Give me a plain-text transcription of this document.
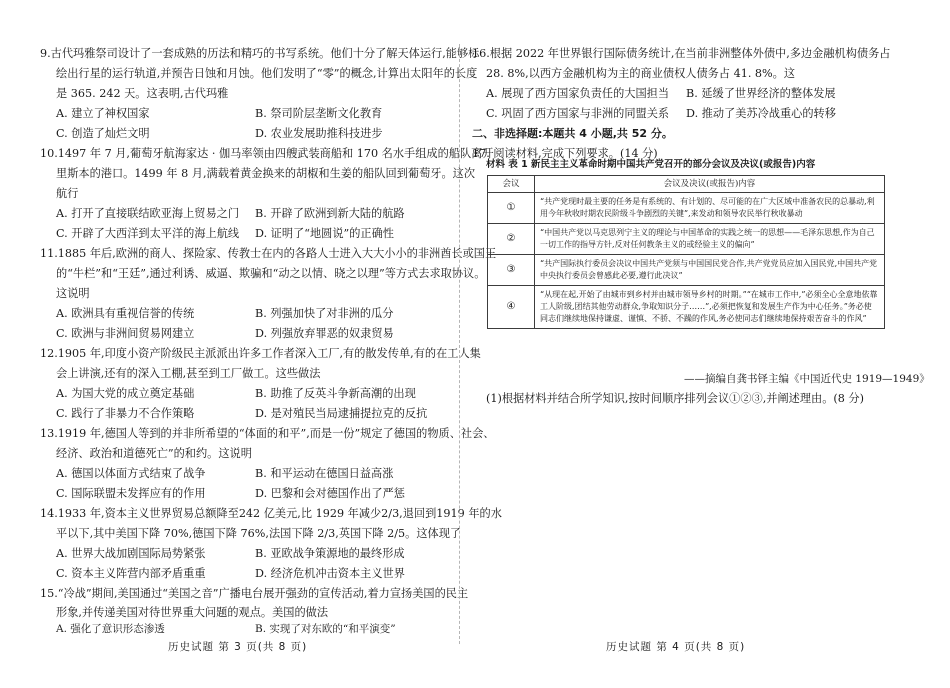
9.古代玛雅祭司设计了一套成熟的历法和精巧的书写系统。他们十分了解天体运行,能够标
绘出行星的运行轨道,并预告日蚀和月蚀。他们发明了“零”的概念,计算出太阳年的长度
是 365. 242 天。这表明,古代玛雅
A. 建立了神权国家	B. 祭司阶层垄断文化教育
C. 创造了灿烂文明	D. 农业发展助推科技进步
10.1497 年 7 月,葡萄牙航海家达 · 伽马率领由四艘武装商船和 170 名水手组成的船队离开
里斯本的港口。1499 年 8 月,满载着黄金换来的胡椒和生姜的船队回到葡萄牙。这次
航行
A. 打开了直接联结欧亚海上贸易之门 B. 开辟了欧洲到新大陆的航路
C. 开辟了大西洋到太平洋的海上航线 D. 证明了“地圆说”的正确性
11.1885 年后,欧洲的商人、探险家、传教士在内的各路人士进入大大小小的非洲酋长或国王
的“牛栏”和“王廷”,通过利诱、威逼、欺骗和“动之以情、晓之以理”等方式去求取协议。
这说明
A. 欧洲具有重视信誉的传统	B. 列强加快了对非洲的瓜分
C. 欧洲与非洲间贸易网建立	D. 列强放弃罪恶的奴隶贸易
12.1905 年,印度小资产阶级民主派派出许多工作者深入工厂,有的散发传单,有的在工人集
会上讲演,还有的深入工棚,甚至到工厂做工。这些做法
A. 为国大党的成立奠定基础	B. 助推了反英斗争新高潮的出现
C. 践行了非暴力不合作策略	D. 是对殖民当局逮捕提拉克的反抗
13.1919 年,德国人等到的并非所希望的“体面的和平”,而是一份”规定了德国的物质、社会、
经济、政治和道德死亡”的和约。这说明
A. 德国以体面方式结束了战争	B. 和平运动在德国日益高涨
C. 国际联盟未发挥应有的作用	D. 巴黎和会对德国作出了严惩
14.1933 年,资本主义世界贸易总额降至242 亿美元,比 1929 年减少2/3,退回到1919 年的水
平以下,其中美国下降 70%,德国下降 76%,法国下降 2/3,英国下降 2/5。这体现了
A. 世界大战加剧国际局势紧张	B. 亚欧战争策源地的最终形成
C. 资本主义阵营内部矛盾重重	D. 经济危机冲击资本主义世界
15.“冷战”期间,美国通过“美国之音”广播电台展开强劲的宣传活动,着力宣扬美国的民主
形象,并传递美国对待世界重大问题的观点。美国的做法
A. 强化了意识形态渗透	B. 实现了对东欧的“和平演变”
历史试题 第 3 页(共 8 页)
16.根据 2022 年世界银行国际债务统计,在当前非洲整体外债中,多边金融机构债务占
28. 8%,以西方金融机构为主的商业债权人债务占 41. 8%。这
A. 展现了西方国家负责任的大国担当 B. 延缓了世界经济的整体发展
C. 巩固了西方国家与非洲的同盟关系 D. 推动了美苏冷战重心的转移
二、非选择题:本题共 4 小题,共 52 分。
17. 阅读材料,完成下列要求。(14 分)
材料 表 1 新民主主义革命时期中国共产党召开的部分会议及决议(或报告)内容
会议	会议及决议(或报告)内容
①	“共产党现时最主要的任务是有系统的、有计划的、尽可能的在广大区域中准备农民的总暴动,利用今年秋收时期农民阶级斗争剧烈的关键”,来发动和领导农民举行秋收暴动
②	“中国共产党以马克思列宁主义的理论与中国革命的实践之统一的思想——毛泽东思想,作为自己一切工作的指导方针,反对任何教条主义的或经验主义的偏向”
③	“共产国际执行委员会决议中国共产党须与中国国民党合作,共产党党员应加入国民党,中国共产党中央执行委员会曾感此必要,遵行此决议”
④	“从现在起,开始了由城市到乡村并由城市领导乡村的时期。”“在城市工作中,”必须全心全意地依靠工人阶级,团结其他劳动群众,争取知识分子……”,必须把恢复和发展生产作为中心任务。”务必使同志们继续地保持谦虚、谨慎、不骄、不躁的作风,务必使同志们继续地保持艰苦奋斗的作风”
——摘编自龚书铎主编《中国近代史 1919—1949》
(1)根据材料并结合所学知识,按时间顺序排列会议①②③,并阐述理由。(8 分)
历史试题 第 4 页(共 8 页)
